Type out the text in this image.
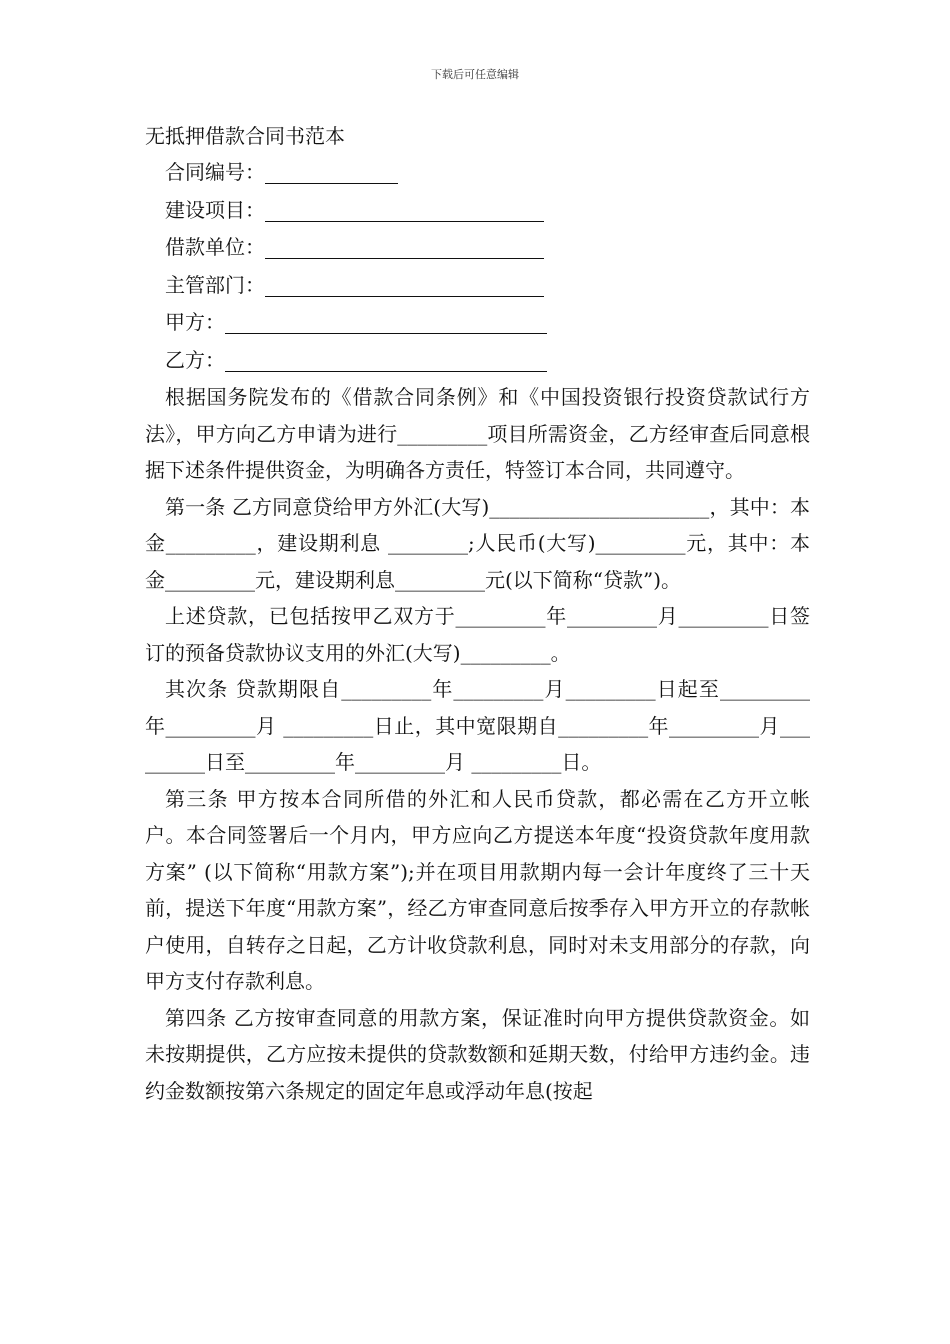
下载后可任意编辑
无抵押借款合同书范本
合同编号：
建设项目：
借款单位：
主管部门：
甲方：
乙方：

根据国务院发布的《借款合同条例》和《中国投资银行投资贷款试行方法》，甲方向乙方申请为进行_________项目所需资金，乙方经审查后同意根据下述条件提供资金，为明确各方责任，特签订本合同，共同遵守。

第一条 乙方同意贷给甲方外汇(大写)______________________，其中：本金_________，建设期利息 ________;人民币(大写)_________元，其中：本金_________元，建设期利息_________元(以下简称“贷款”)。

上述贷款，已包括按甲乙双方于_________年_________月_________日签订的预备贷款协议支用的外汇(大写)_________。

其次条 贷款期限自_________年_________月_________日起至_________年_________月 _________日止，其中宽限期自_________年_________月_________日至_________年_________月 _________日。

第三条 甲方按本合同所借的外汇和人民币贷款，都必需在乙方开立帐户。本合同签署后一个月内，甲方应向乙方提送本年度“投资贷款年度用款方案” (以下简称“用款方案”);并在项目用款期内每一会计年度终了三十天前，提送下年度“用款方案”，经乙方审查同意后按季存入甲方开立的存款帐户使用，自转存之日起，乙方计收贷款利息，同时对未支用部分的存款，向甲方支付存款利息。

第四条 乙方按审查同意的用款方案，保证准时向甲方提供贷款资金。如未按期提供，乙方应按未提供的贷款数额和延期天数，付给甲方违约金。违约金数额按第六条规定的固定年息或浮动年息(按起
